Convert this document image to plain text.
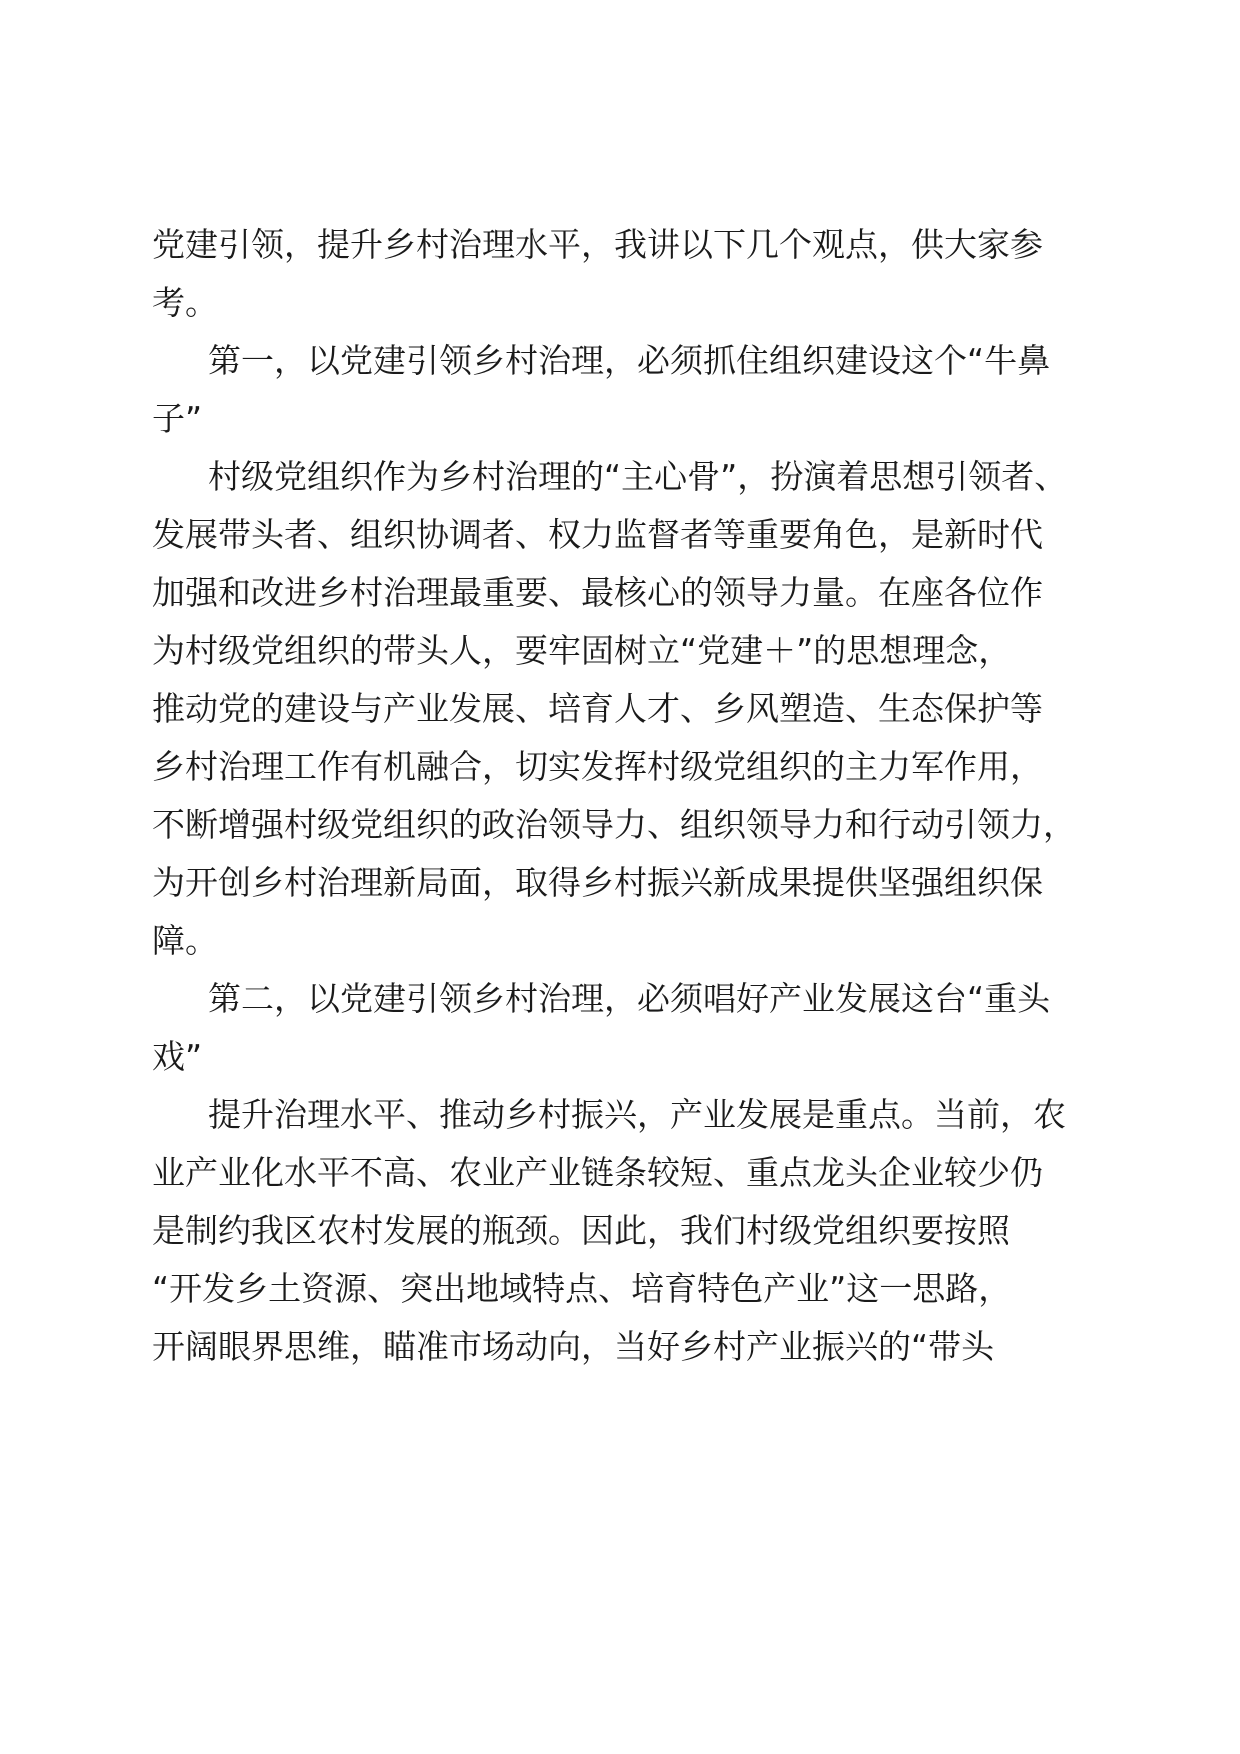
党建引领，提升乡村治理水平，我讲以下几个观点，供大家参
考。
第一，以党建引领乡村治理，必须抓住组织建设这个“牛鼻
子”
村级党组织作为乡村治理的“主心骨”，扮演着思想引领者、
发展带头者、组织协调者、权力监督者等重要角色，是新时代
加强和改进乡村治理最重要、最核心的领导力量。在座各位作
为村级党组织的带头人，要牢固树立“党建＋”的思想理念，
推动党的建设与产业发展、培育人才、乡风塑造、生态保护等
乡村治理工作有机融合，切实发挥村级党组织的主力军作用，
不断增强村级党组织的政治领导力、组织领导力和行动引领力，
为开创乡村治理新局面，取得乡村振兴新成果提供坚强组织保
障。
第二，以党建引领乡村治理，必须唱好产业发展这台“重头
戏”
提升治理水平、推动乡村振兴，产业发展是重点。当前，农
业产业化水平不高、农业产业链条较短、重点龙头企业较少仍
是制约我区农村发展的瓶颈。因此，我们村级党组织要按照
“开发乡土资源、突出地域特点、培育特色产业”这一思路，
开阔眼界思维，瞄准市场动向，当好乡村产业振兴的“带头
